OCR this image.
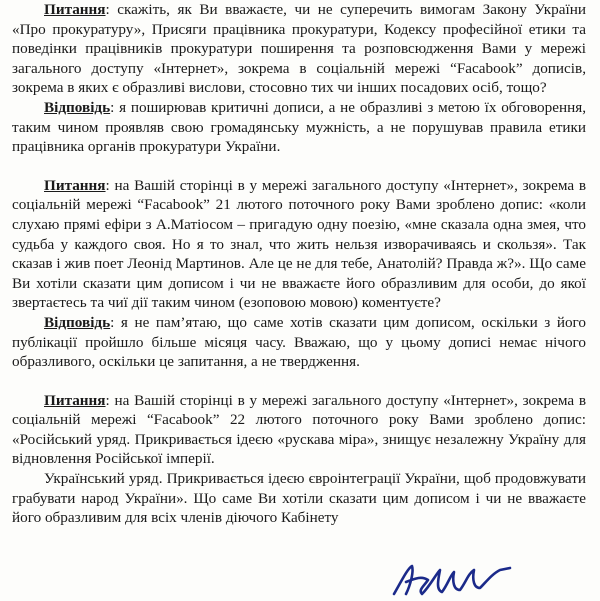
Питання: скажіть, як Ви вважаєте, чи не суперечить вимогам Закону України «Про прокуратуру», Присяги працівника прокуратури, Кодексу професійної етики та поведінки працівників прокуратури поширення та розповсюдження Вами у мережі загального доступу «Інтернет», зокрема в соціальній мережі “Facabook” дописів, зокрема в яких є образливі вислови, стосовно тих чи інших посадових осіб, тощо?

Відповідь: я поширював критичні дописи, а не образливі з метою їх обговорення, таким чином проявляв свою громадянську мужність, а не порушував правила етики працівника органів прокуратури України.

Питання: на Вашій сторінці в у мережі загального доступу «Інтернет», зокрема в соціальній мережі “Facabook” 21 лютого поточного року Вами зроблено допис: «коли слухаю прямі ефіри з А.Матіосом – пригадую одну поезію, «мне сказала одна змея, что судьба у каждого своя. Но я то знал, что жить нельзя изворачиваясь и скользя». Так сказав і жив поет Леонід Мартинов. Але це не для тебе, Анатолій? Правда ж?». Що саме Ви хотіли сказати цим дописом і чи не вважаєте його образливим для особи, до якої звертаєтесь та чиї дії таким чином (езоповою мовою) коментуєте?

Відповідь: я не пам’ятаю, що саме хотів сказати цим дописом, оскільки з його публікації пройшло більше місяця часу. Вважаю, що у цьому дописі немає нічого образливого, оскільки це запитання, а не твердження.

Питання: на Вашій сторінці в у мережі загального доступу «Інтернет», зокрема в соціальній мережі “Facabook” 22 лютого поточного року Вами зроблено допис: «Російський уряд. Прикривається ідеєю «рускава міра», знищує незалежну Україну для відновлення Російської імперії.

Український уряд. Прикривається ідеєю євроінтеграції України, щоб продовжувати грабувати народ України». Що саме Ви хотіли сказати цим дописом і чи не вважаєте його образливим для всіх членів діючого Кабінету
